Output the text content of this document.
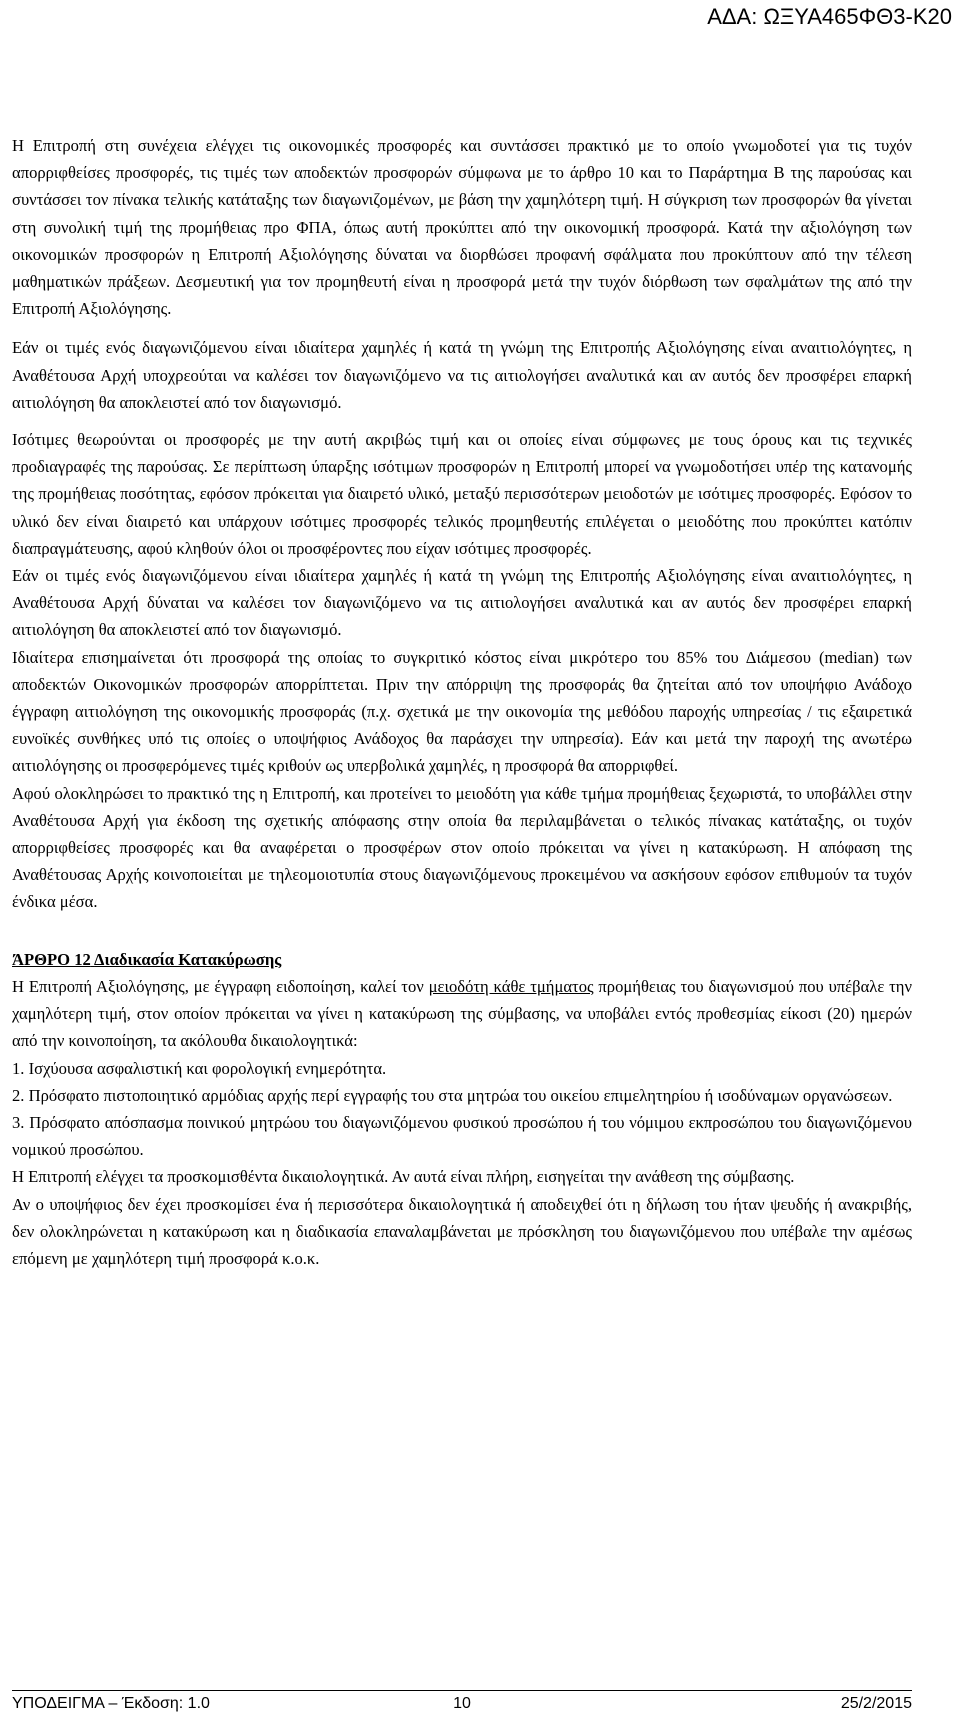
ΑΔΑ: ΩΞΥΑ465ΦΘ3-Κ20

Η Επιτροπή στη συνέχεια ελέγχει τις οικονομικές προσφορές και συντάσσει πρακτικό με το οποίο γνωμοδοτεί για τις τυχόν απορριφθείσες προσφορές, τις τιμές των αποδεκτών προσφορών σύμφωνα με το άρθρο 10 και το Παράρτημα Β της παρούσας και συντάσσει τον πίνακα τελικής κατάταξης των διαγωνιζομένων, με βάση την χαμηλότερη τιμή. Η σύγκριση των προσφορών θα γίνεται στη συνολική τιμή της προμήθειας προ ΦΠΑ, όπως αυτή προκύπτει από την οικονομική προσφορά. Κατά την αξιολόγηση των οικονομικών προσφορών η Επιτροπή Αξιολόγησης δύναται να διορθώσει προφανή σφάλματα που προκύπτουν από την τέλεση μαθηματικών πράξεων. Δεσμευτική για τον προμηθευτή είναι η προσφορά μετά την τυχόν διόρθωση των σφαλμάτων της από την Επιτροπή Αξιολόγησης.

Εάν οι τιμές ενός διαγωνιζόμενου είναι ιδιαίτερα χαμηλές ή κατά τη γνώμη της Επιτροπής Αξιολόγησης είναι αναιτιολόγητες, η Αναθέτουσα Αρχή υποχρεούται να καλέσει τον διαγωνιζόμενο να τις αιτιολογήσει αναλυτικά και αν αυτός δεν προσφέρει επαρκή αιτιολόγηση θα αποκλειστεί από τον διαγωνισμό.

Ισότιμες θεωρούνται οι προσφορές με την αυτή ακριβώς τιμή και οι οποίες είναι σύμφωνες με τους όρους και τις τεχνικές προδιαγραφές της παρούσας. Σε περίπτωση ύπαρξης ισότιμων προσφορών η Επιτροπή μπορεί να γνωμοδοτήσει υπέρ της κατανομής της προμήθειας ποσότητας, εφόσον πρόκειται για διαιρετό υλικό, μεταξύ περισσότερων μειοδοτών με ισότιμες προσφορές. Εφόσον το υλικό δεν είναι διαιρετό και υπάρχουν ισότιμες προσφορές τελικός προμηθευτής επιλέγεται ο μειοδότης που προκύπτει κατόπιν διαπραγμάτευσης, αφού κληθούν όλοι οι προσφέροντες που είχαν ισότιμες προσφορές.

Εάν οι τιμές ενός διαγωνιζόμενου είναι ιδιαίτερα χαμηλές ή κατά τη γνώμη της Επιτροπής Αξιολόγησης είναι αναιτιολόγητες, η Αναθέτουσα Αρχή δύναται να καλέσει τον διαγωνιζόμενο να τις αιτιολογήσει αναλυτικά και αν αυτός δεν προσφέρει επαρκή αιτιολόγηση θα αποκλειστεί από τον διαγωνισμό.

Ιδιαίτερα επισημαίνεται ότι προσφορά της οποίας το συγκριτικό κόστος είναι μικρότερο του 85% του Διάμεσου (median) των αποδεκτών Οικονομικών προσφορών απορρίπτεται. Πριν την απόρριψη της προσφοράς θα ζητείται από τον υποψήφιο Ανάδοχο έγγραφη αιτιολόγηση της οικονομικής προσφοράς (π.χ. σχετικά με την οικονομία της μεθόδου παροχής υπηρεσίας / τις εξαιρετικά ευνοϊκές συνθήκες υπό τις οποίες ο υποψήφιος Ανάδοχος θα παράσχει την υπηρεσία). Εάν και μετά την παροχή της ανωτέρω αιτιολόγησης οι προσφερόμενες τιμές κριθούν ως υπερβολικά χαμηλές, η προσφορά θα απορριφθεί.

Αφού ολοκληρώσει το πρακτικό της η Επιτροπή, και προτείνει το μειοδότη για κάθε τμήμα προμήθειας ξεχωριστά, το υποβάλλει στην Αναθέτουσα Αρχή για έκδοση της σχετικής απόφασης στην οποία θα περιλαμβάνεται ο τελικός πίνακας κατάταξης, οι τυχόν απορριφθείσες προσφορές και θα αναφέρεται ο προσφέρων στον οποίο πρόκειται να γίνει η κατακύρωση. Η απόφαση της Αναθέτουσας Αρχής κοινοποιείται με τηλεομοιοτυπία στους διαγωνιζόμενους προκειμένου να ασκήσουν εφόσον επιθυμούν τα τυχόν ένδικα μέσα.

ΆΡΘΡΟ 12 Διαδικασία Κατακύρωσης

Η Επιτροπή Αξιολόγησης, με έγγραφη ειδοποίηση, καλεί τον μειοδότη κάθε τμήματος προμήθειας του διαγωνισμού που υπέβαλε την χαμηλότερη τιμή, στον οποίον πρόκειται να γίνει η κατακύρωση της σύμβασης, να υποβάλει εντός προθεσμίας είκοσι (20) ημερών από την κοινοποίηση, τα ακόλουθα δικαιολογητικά:

1. Ισχύουσα ασφαλιστική και φορολογική ενημερότητα.

2. Πρόσφατο πιστοποιητικό αρμόδιας αρχής περί εγγραφής του στα μητρώα του οικείου επιμελητηρίου ή ισοδύναμων οργανώσεων.

3. Πρόσφατο απόσπασμα ποινικού μητρώου του διαγωνιζόμενου φυσικού προσώπου ή του νόμιμου εκπροσώπου του διαγωνιζόμενου νομικού προσώπου.

Η Επιτροπή ελέγχει τα προσκομισθέντα δικαιολογητικά. Αν αυτά είναι πλήρη, εισηγείται την ανάθεση της σύμβασης.

Αν ο υποψήφιος δεν έχει προσκομίσει ένα ή περισσότερα δικαιολογητικά ή αποδειχθεί ότι η δήλωση του ήταν ψευδής ή ανακριβής, δεν ολοκληρώνεται η κατακύρωση και η διαδικασία επαναλαμβάνεται με πρόσκληση του διαγωνιζόμενου που υπέβαλε την αμέσως επόμενη με χαμηλότερη τιμή προσφορά κ.ο.κ.

ΥΠΟΔΕΙΓΜΑ – Έκδοση: 1.0	10	25/2/2015
